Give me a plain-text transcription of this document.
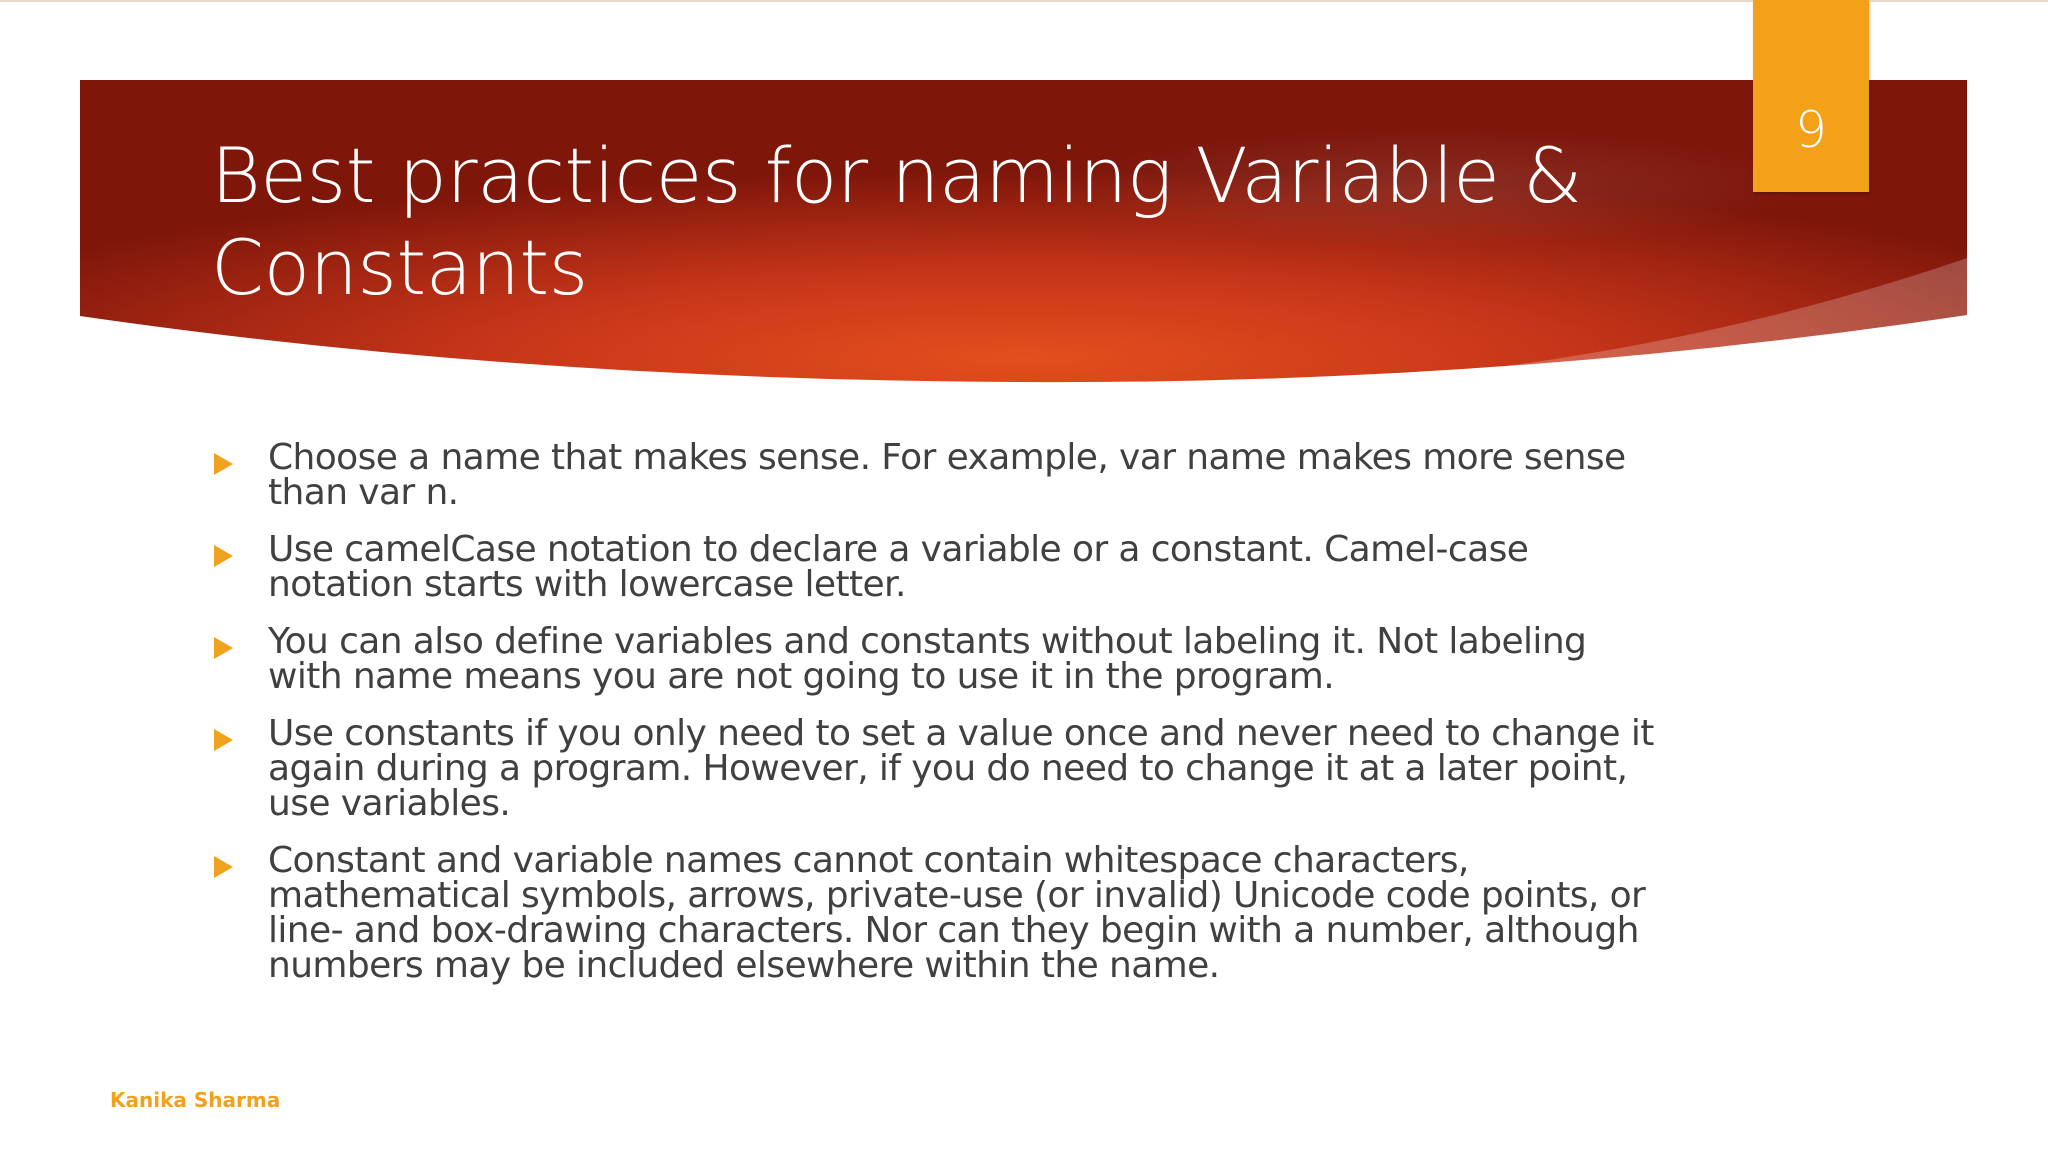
Best practices for naming Variable & Constants
9
Choose a name that makes sense. For example, var name makes more sense than var n.
Use camelCase notation to declare a variable or a constant. Camel-case notation starts with lowercase letter.
You can also define variables and constants without labeling it. Not labeling with name means you are not going to use it in the program.
Use constants if you only need to set a value once and never need to change it again during a program. However, if you do need to change it at a later point, use variables.
Constant and variable names cannot contain whitespace characters, mathematical symbols, arrows, private-use (or invalid) Unicode code points, or line- and box-drawing characters. Nor can they begin with a number, although numbers may be included elsewhere within the name.
Kanika Sharma
